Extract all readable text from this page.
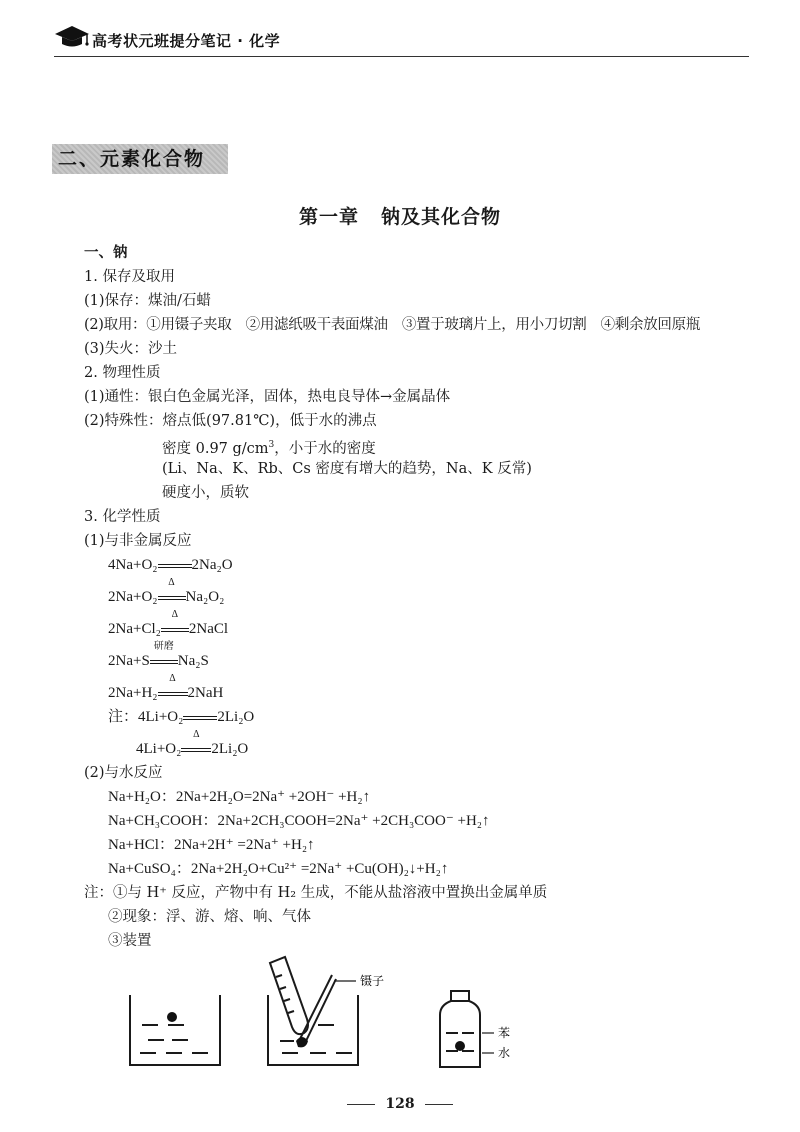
高考状元班提分笔记 · 化学
二、元素化合物
第一章 钠及其化合物
一、钠
1. 保存及取用
(1)保存：煤油/石蜡
(2)取用：①用镊子夹取　②用滤纸吸干表面煤油　③置于玻璃片上，用小刀切割　④剩余放回原瓶
(3)失火：沙土
2. 物理性质
(1)通性：银白色金属光泽，固体，热电良导体→金属晶体
(2)特殊性：熔点低(97.81℃)，低于水的沸点
密度 0.97 $g/cm^3$，小于水的密度
(Li、Na、K、Rb、Cs 密度有增大的趋势，Na、K 反常)
硬度小，质软
3. 化学性质
(1)与非金属反应
4Na+O₂ 2Na₂O
2Na+O₂
Δ
Na₂O₂
2Na+Cl₂
Δ
2NaCl
2Na+S
研磨
Na₂S
2Na+H₂
Δ
2NaH
注：4Li+O₂ 2Li₂O
4Li+O₂
Δ
2Li₂O
(2)与水反应
Na+H₂O：2Na+2H₂O=2Na⁺ +2OH⁻ +H₂↑
Na+CH₃COOH：2Na+2CH₃COOH=2Na⁺ +2CH₃COO⁻ +H₂↑
Na+HCl：2Na+2H⁺ =2Na⁺ +H₂↑
Na+CuSO₄：2Na+2H₂O+Cu²⁺ =2Na⁺ +Cu(OH)₂↓+H₂↑
注：①与 H⁺ 反应，产物中有 H₂ 生成，不能从盐溶液中置换出金属单质
②现象：浮、游、熔、响、气体
③装置
镊子
苯
水
128
